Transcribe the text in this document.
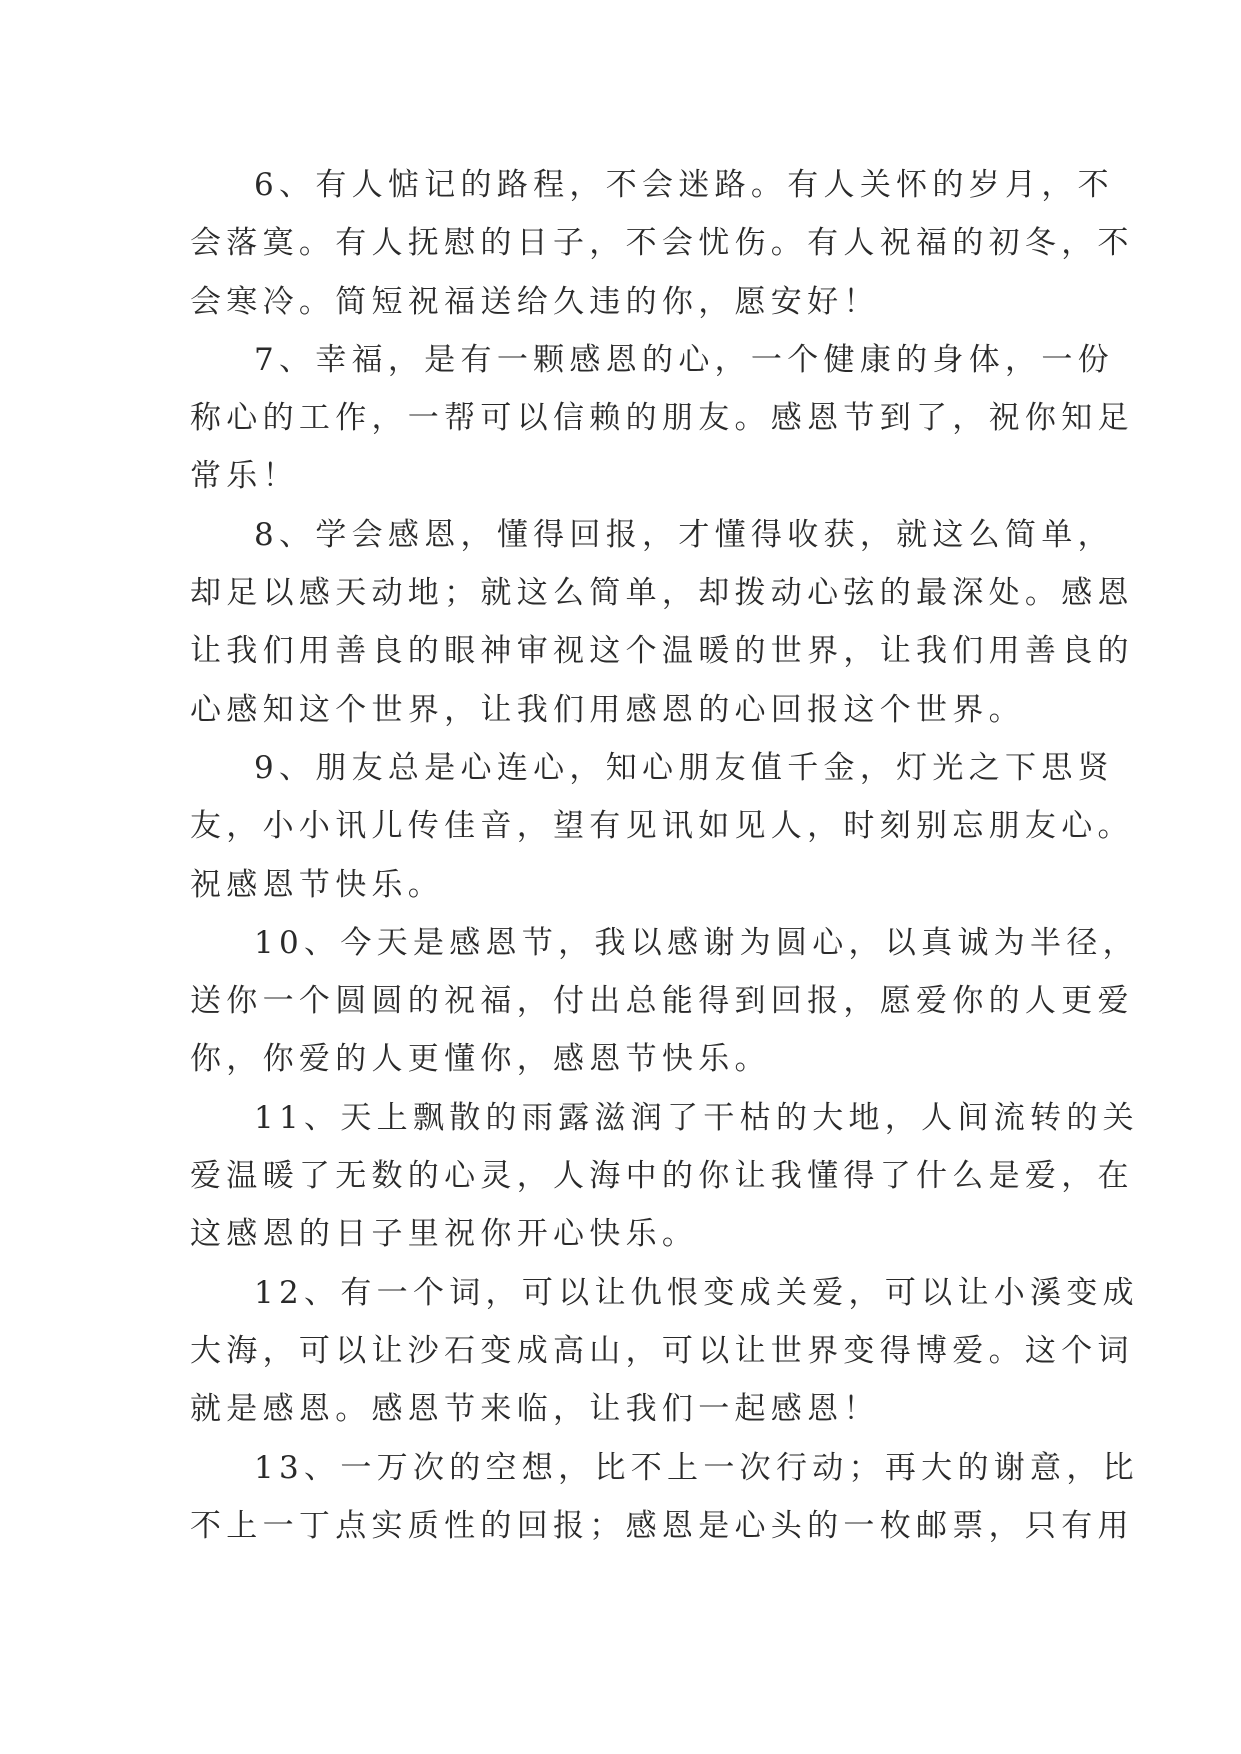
6、有人惦记的路程，不会迷路。有人关怀的岁月，不
会落寞。有人抚慰的日子，不会忧伤。有人祝福的初冬，不
会寒冷。简短祝福送给久违的你，愿安好！
7、幸福，是有一颗感恩的心，一个健康的身体，一份
称心的工作，一帮可以信赖的朋友。感恩节到了，祝你知足
常乐！
8、学会感恩，懂得回报，才懂得收获，就这么简单，
却足以感天动地；就这么简单，却拨动心弦的最深处。感恩
让我们用善良的眼神审视这个温暖的世界，让我们用善良的
心感知这个世界，让我们用感恩的心回报这个世界。
9、朋友总是心连心，知心朋友值千金，灯光之下思贤
友，小小讯儿传佳音，望有见讯如见人，时刻别忘朋友心。
祝感恩节快乐。
10、今天是感恩节，我以感谢为圆心，以真诚为半径，
送你一个圆圆的祝福，付出总能得到回报，愿爱你的人更爱
你，你爱的人更懂你，感恩节快乐。
11、天上飘散的雨露滋润了干枯的大地，人间流转的关
爱温暖了无数的心灵，人海中的你让我懂得了什么是爱，在
这感恩的日子里祝你开心快乐。
12、有一个词，可以让仇恨变成关爱，可以让小溪变成
大海，可以让沙石变成高山，可以让世界变得博爱。这个词
就是感恩。感恩节来临，让我们一起感恩！
13、一万次的空想，比不上一次行动；再大的谢意，比
不上一丁点实质性的回报；感恩是心头的一枚邮票，只有用
